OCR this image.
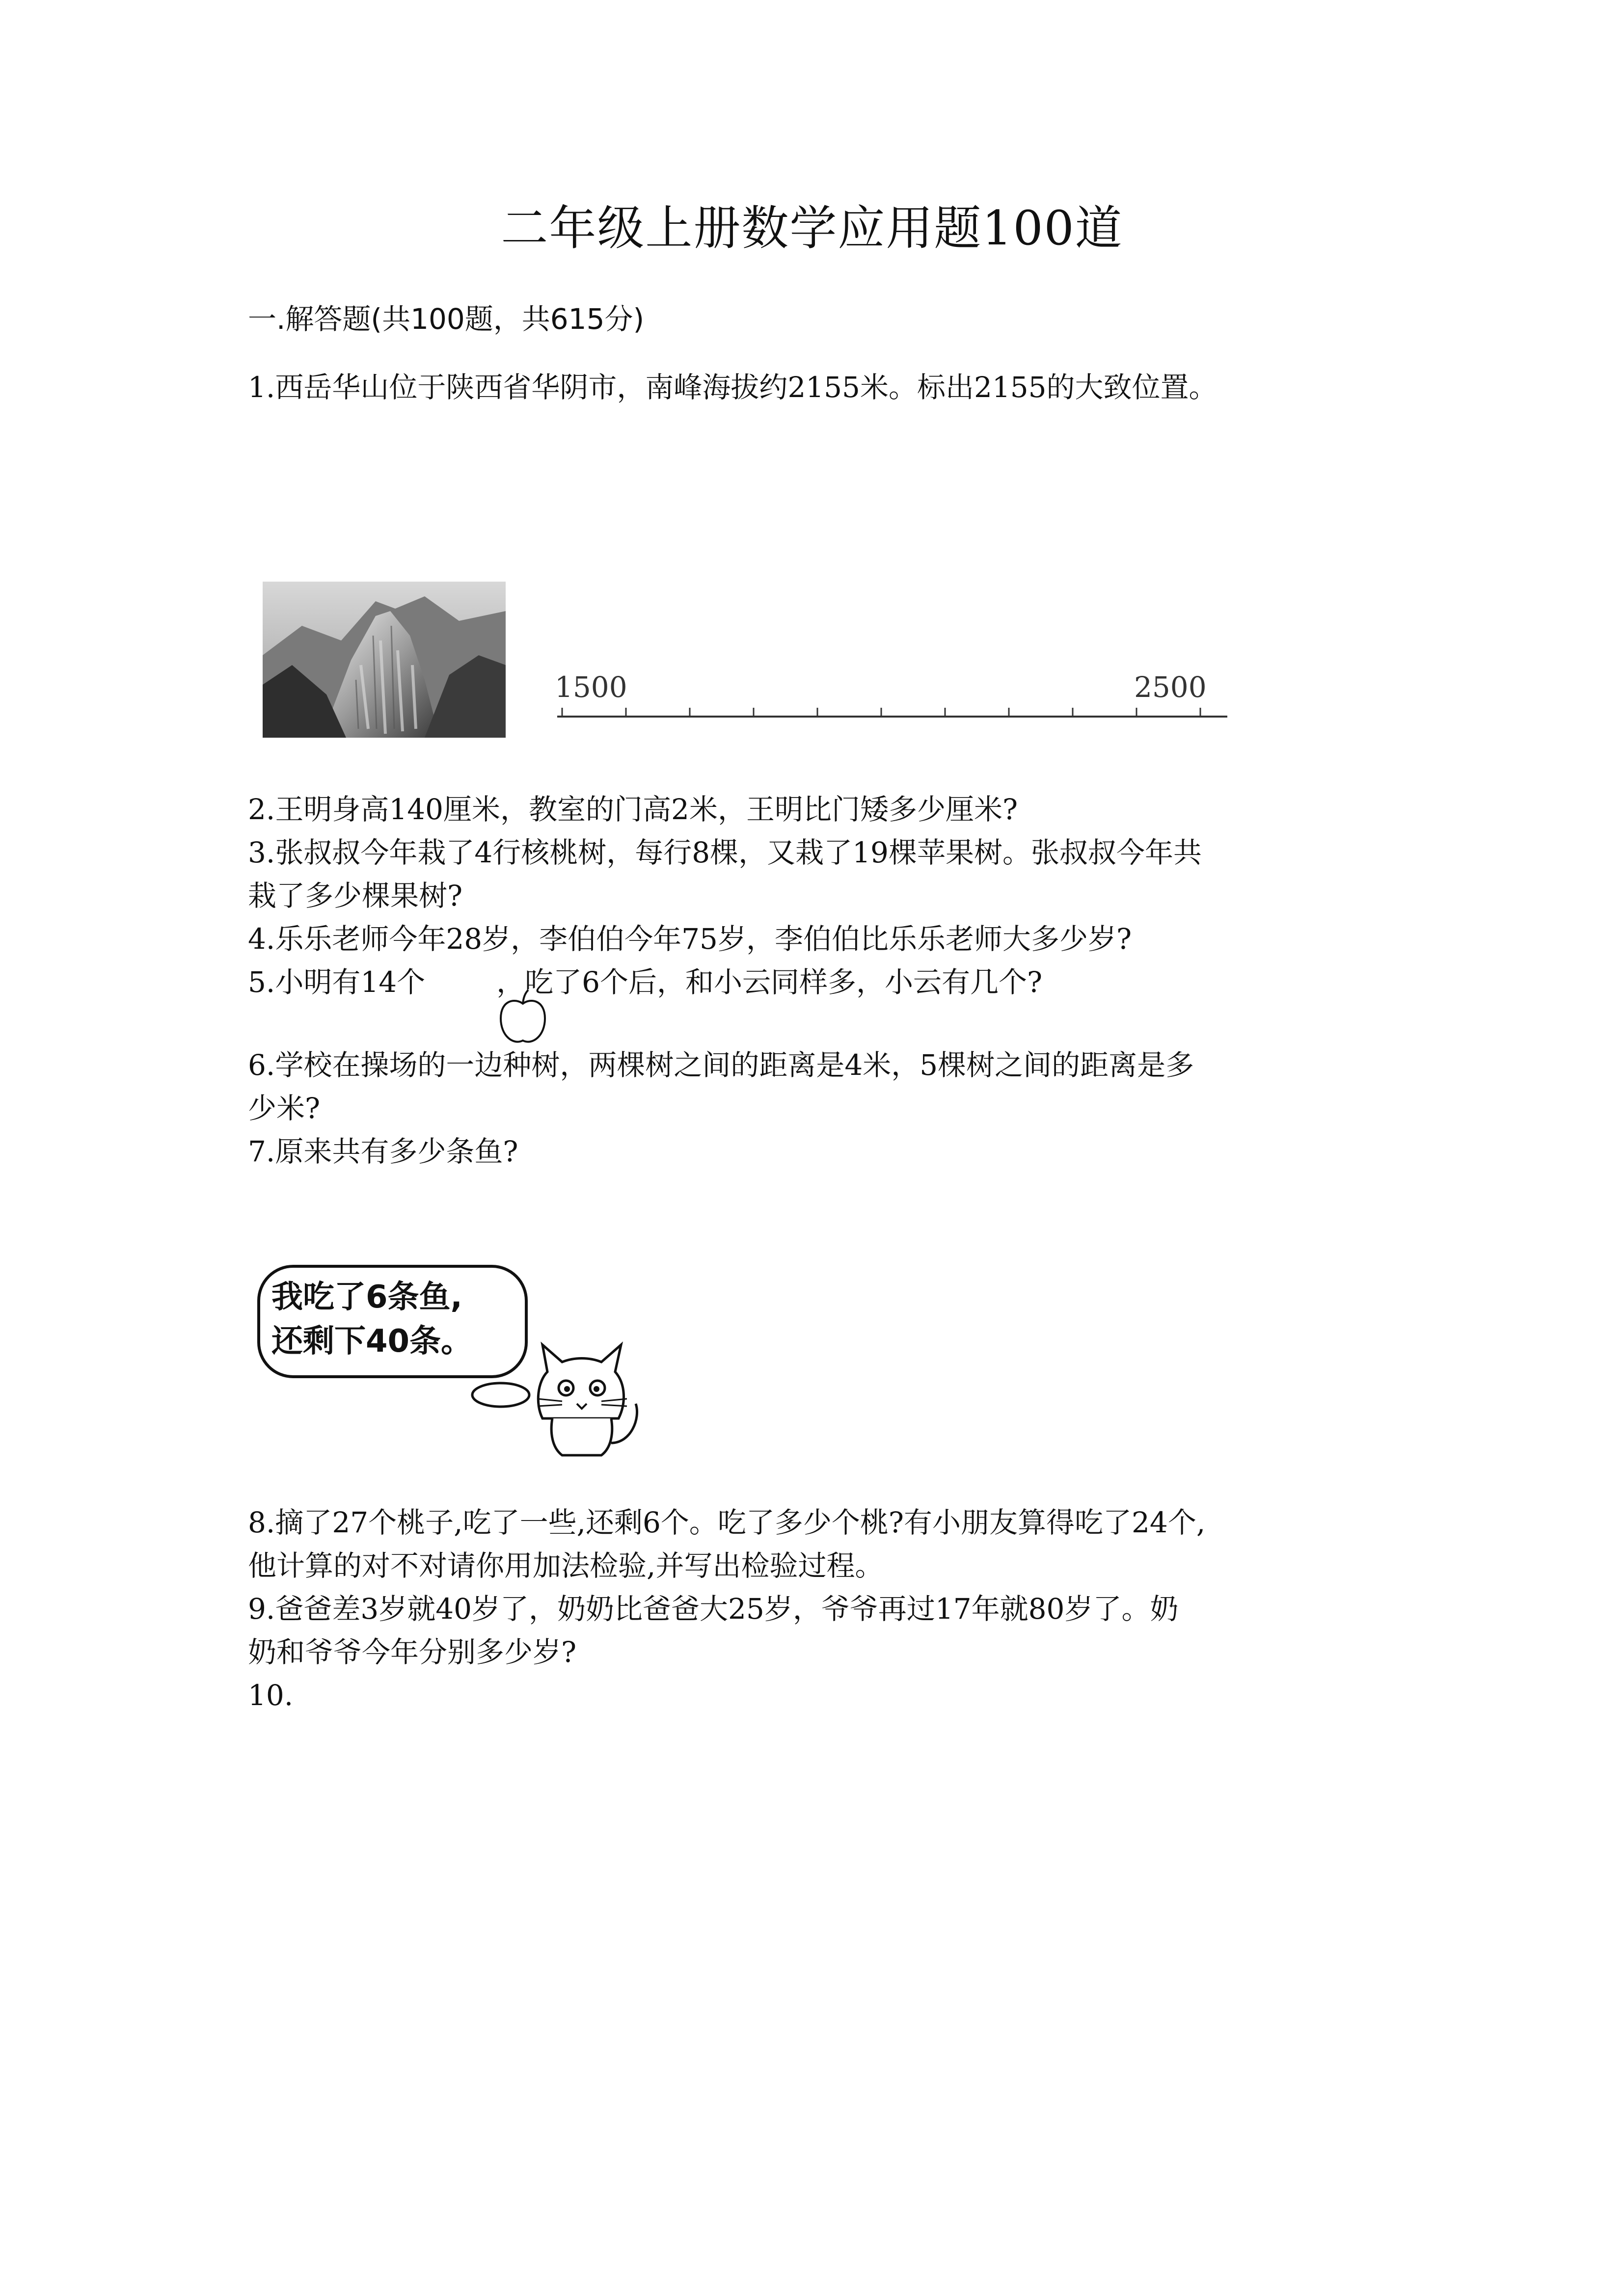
二年级上册数学应用题100道
一.解答题(共100题，共615分)
1.西岳华山位于陕西省华阴市，南峰海拔约2155米。标出2155的大致位置。
1500	2500
2.王明身高140厘米，教室的门高2米，王明比门矮多少厘米?
3.张叔叔今年栽了4行核桃树，每行8棵，又栽了19棵苹果树。张叔叔今年共
栽了多少棵果树?
4.乐乐老师今年28岁，李伯伯今年75岁，李伯伯比乐乐老师大多少岁?
5.小明有14个	，吃了6个后，和小云同样多，小云有几个?
6.学校在操场的一边种树，两棵树之间的距离是4米，5棵树之间的距离是多
少米?
7.原来共有多少条鱼?
我吃了6条鱼,
还剩下40条。
8.摘了27个桃子,吃了一些,还剩6个。吃了多少个桃?有小朋友算得吃了24个,
他计算的对不对请你用加法检验,并写出检验过程。
9.爸爸差3岁就40岁了，奶奶比爸爸大25岁，爷爷再过17年就80岁了。奶
奶和爷爷今年分别多少岁?
10.
